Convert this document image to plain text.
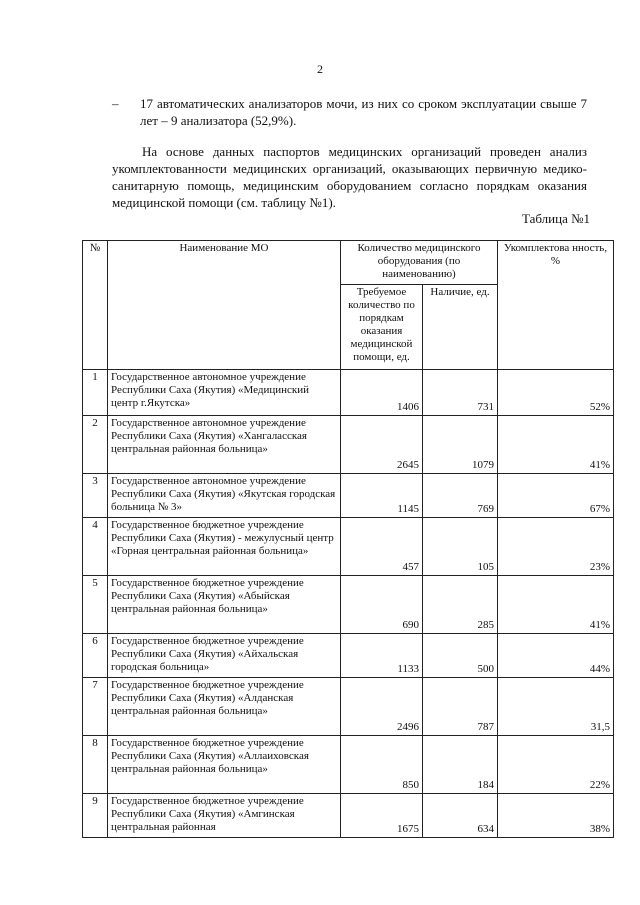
2
–	17 автоматических анализаторов мочи, из них со сроком эксплуатации свыше 7 лет – 9 анализатора (52,9%).
На основе данных паспортов медицинских организаций проведен анализ укомплектованности медицинских организаций, оказывающих первичную медико-санитарную помощь, медицинским оборудованием согласно порядкам оказания медицинской помощи (см. таблицу №1).
Таблица №1
№	Наименование МО	Количество медицинского оборудования (по наименованию)		Укомплектова нность, %
		Требуемое количество по порядкам оказания медицинской помощи, ед.	Наличие, ед.	
1	Государственное автономное учреждение Республики Саха (Якутия) «Медицинский центр г.Якутска»	1406	731	52%
2	Государственное автономное учреждение Республики Саха (Якутия) «Хангаласская центральная районная больница»	2645	1079	41%
3	Государственное автономное учреждение Республики Саха (Якутия) «Якутская городская больница № 3»	1145	769	67%
4	Государственное бюджетное учреждение Республики Саха (Якутия) - межулусный центр «Горная центральная районная больница»	457	105	23%
5	Государственное бюджетное учреждение Республики Саха (Якутия) «Абыйская центральная районная больница»	690	285	41%
6	Государственное бюджетное учреждение Республики Саха (Якутия) «Айхальская городская больница»	1133	500	44%
7	Государственное бюджетное учреждение Республики Саха (Якутия) «Алданская центральная районная больница»	2496	787	31,5
8	Государственное бюджетное учреждение Республики Саха (Якутия) «Аллаиховская центральная районная больница»	850	184	22%
9	Государственное бюджетное учреждение Республики Саха (Якутия) «Амгинская центральная районная	1675	634	38%
